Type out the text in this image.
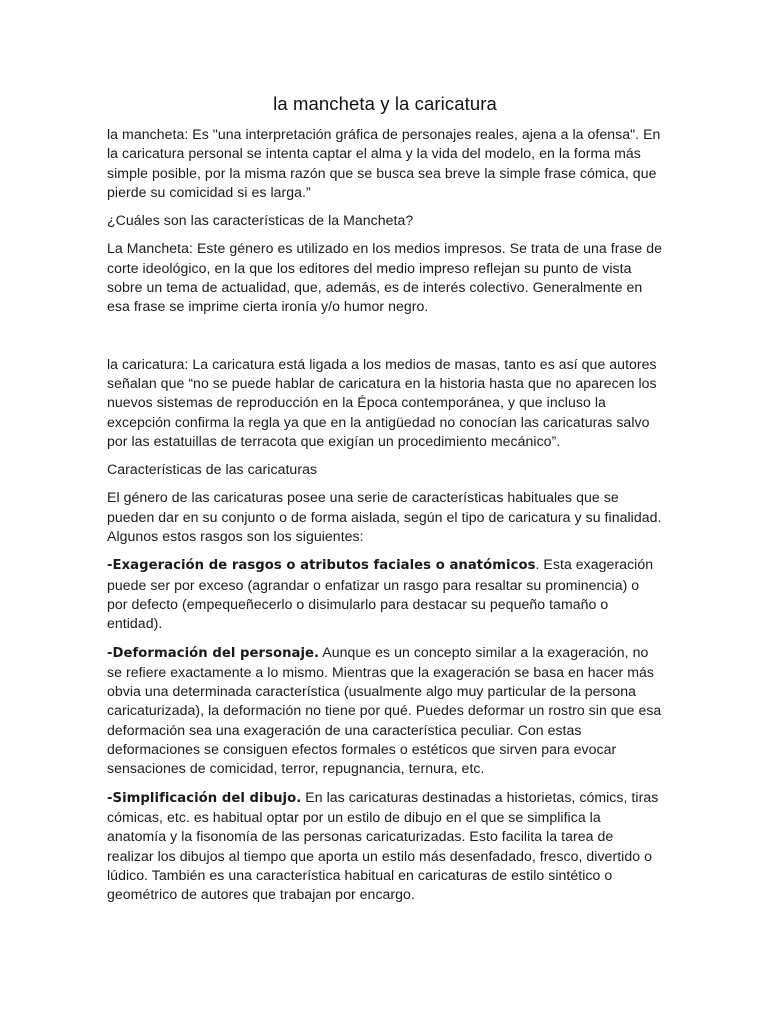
la mancheta y la caricatura

la mancheta: Es "una interpretación gráfica de personajes reales, ajena a la ofensa". En la caricatura personal se intenta captar el alma y la vida del modelo, en la forma más simple posible, por la misma razón que se busca sea breve la simple frase cómica, que pierde su comicidad si es larga.”

¿Cuáles son las características de la Mancheta?

La Mancheta: Este género es utilizado en los medios impresos. Se trata de una frase de corte ideológico, en la que los editores del medio impreso reflejan su punto de vista sobre un tema de actualidad, que, además, es de interés colectivo. Generalmente en esa frase se imprime cierta ironía y/o humor negro.

la caricatura: La caricatura está ligada a los medios de masas, tanto es así que autores señalan que “no se puede hablar de caricatura en la historia hasta que no aparecen los nuevos sistemas de reproducción en la Época contemporánea, y que incluso la excepción confirma la regla ya que en la antigüedad no conocían las caricaturas salvo por las estatuillas de terracota que exigían un procedimiento mecánico”.

Características de las caricaturas

El género de las caricaturas posee una serie de características habituales que se pueden dar en su conjunto o de forma aislada, según el tipo de caricatura y su finalidad. Algunos estos rasgos son los siguientes:

-Exageración de rasgos o atributos faciales o anatómicos. Esta exageración puede ser por exceso (agrandar o enfatizar un rasgo para resaltar su prominencia) o por defecto (empequeñecerlo o disimularlo para destacar su pequeño tamaño o entidad).

-Deformación del personaje. Aunque es un concepto similar a la exageración, no se refiere exactamente a lo mismo. Mientras que la exageración se basa en hacer más obvia una determinada característica (usualmente algo muy particular de la persona caricaturizada), la deformación no tiene por qué. Puedes deformar un rostro sin que esa deformación sea una exageración de una característica peculiar. Con estas deformaciones se consiguen efectos formales o estéticos que sirven para evocar sensaciones de comicidad, terror, repugnancia, ternura, etc.

-Simplificación del dibujo. En las caricaturas destinadas a historietas, cómics, tiras cómicas, etc. es habitual optar por un estilo de dibujo en el que se simplifica la anatomía y la fisonomía de las personas caricaturizadas. Esto facilita la tarea de realizar los dibujos al tiempo que aporta un estilo más desenfadado, fresco, divertido o lúdico. También es una característica habitual en caricaturas de estilo sintético o geométrico de autores que trabajan por encargo.
